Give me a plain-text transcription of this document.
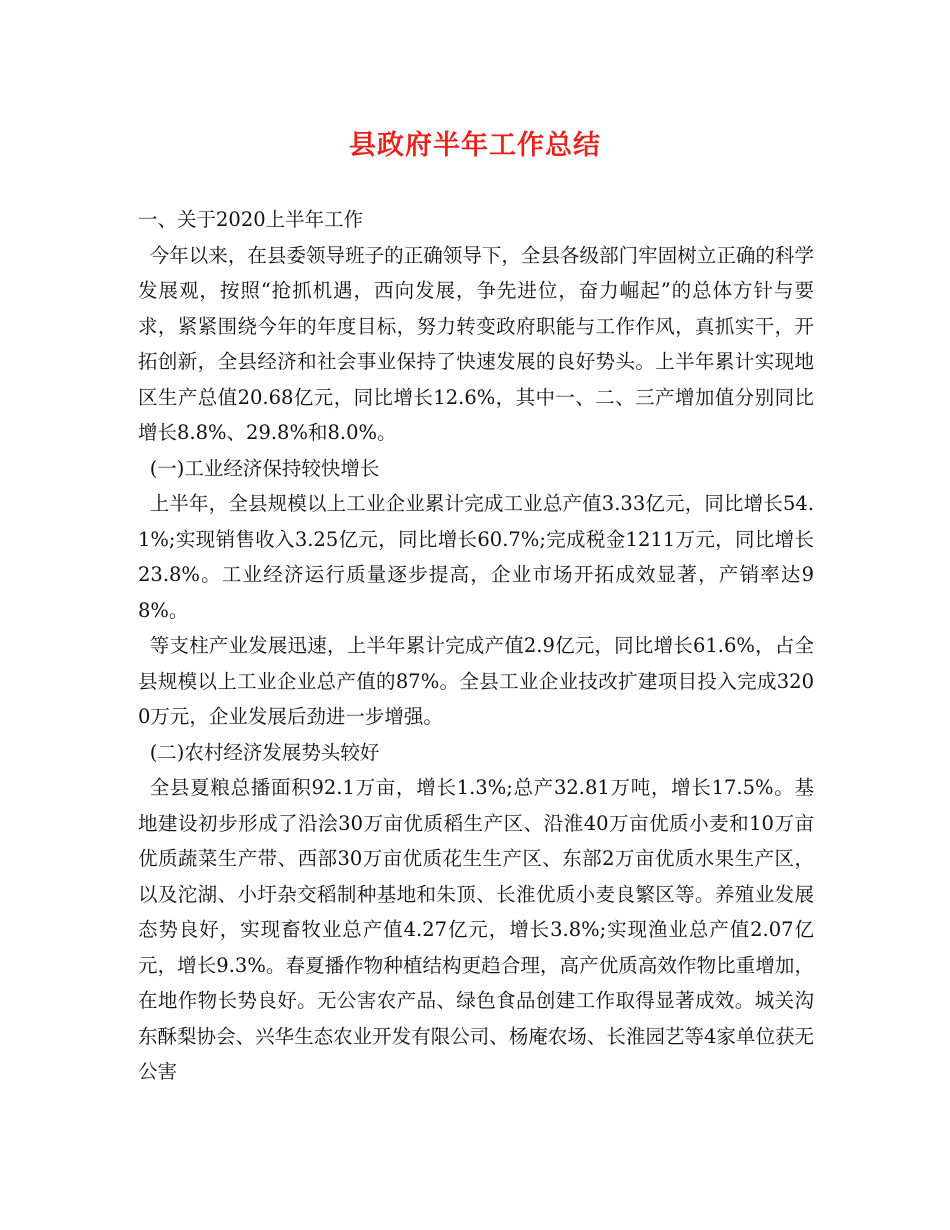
县政府半年工作总结

一、关于2020上半年工作

今年以来，在县委领导班子的正确领导下，全县各级部门牢固树立正确的科学发展观，按照“抢抓机遇，西向发展，争先进位，奋力崛起”的总体方针与要求，紧紧围绕今年的年度目标，努力转变政府职能与工作作风，真抓实干，开拓创新，全县经济和社会事业保持了快速发展的良好势头。上半年累计实现地区生产总值20.68亿元，同比增长12.6%，其中一、二、三产增加值分别同比增长8.8%、29.8%和8.0%。

(一)工业经济保持较快增长

上半年，全县规模以上工业企业累计完成工业总产值3.33亿元，同比增长54.1%;实现销售收入3.25亿元，同比增长60.7%;完成税金1211万元，同比增长23.8%。工业经济运行质量逐步提高，企业市场开拓成效显著，产销率达98%。

等支柱产业发展迅速，上半年累计完成产值2.9亿元，同比增长61.6%，占全县规模以上工业企业总产值的87%。全县工业企业技改扩建项目投入完成3200万元，企业发展后劲进一步增强。

(二)农村经济发展势头较好

全县夏粮总播面积92.1万亩，增长1.3%;总产32.81万吨，增长17.5%。基地建设初步形成了沿浍30万亩优质稻生产区、沿淮40万亩优质小麦和10万亩优质蔬菜生产带、西部30万亩优质花生生产区、东部2万亩优质水果生产区，以及沱湖、小圩杂交稻制种基地和朱顶、长淮优质小麦良繁区等。养殖业发展态势良好，实现畜牧业总产值4.27亿元，增长3.8%;实现渔业总产值2.07亿元，增长9.3%。春夏播作物种植结构更趋合理，高产优质高效作物比重增加，在地作物长势良好。无公害农产品、绿色食品创建工作取得显著成效。城关沟东酥梨协会、兴华生态农业开发有限公司、杨庵农场、长淮园艺等4家单位获无公害
